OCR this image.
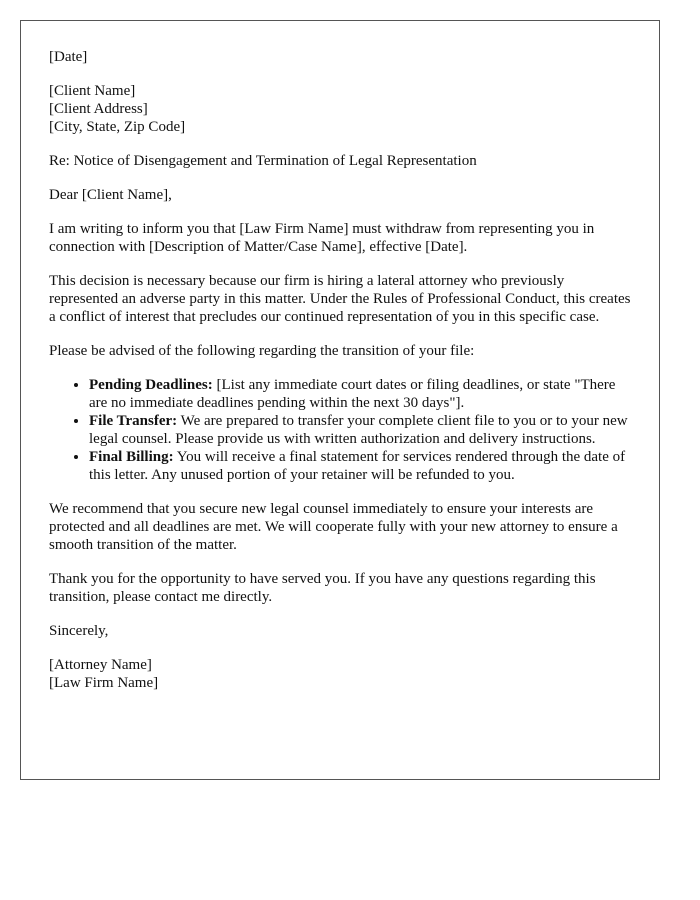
[Date]

[Client Name]
[Client Address]
[City, State, Zip Code]

Re: Notice of Disengagement and Termination of Legal Representation

Dear [Client Name],

I am writing to inform you that [Law Firm Name] must withdraw from representing you in connection with [Description of Matter/Case Name], effective [Date].

This decision is necessary because our firm is hiring a lateral attorney who previously represented an adverse party in this matter. Under the Rules of Professional Conduct, this creates a conflict of interest that precludes our continued representation of you in this specific case.

Please be advised of the following regarding the transition of your file:

• Pending Deadlines: [List any immediate court dates or filing deadlines, or state "There are no immediate deadlines pending within the next 30 days"].
• File Transfer: We are prepared to transfer your complete client file to you or to your new legal counsel. Please provide us with written authorization and delivery instructions.
• Final Billing: You will receive a final statement for services rendered through the date of this letter. Any unused portion of your retainer will be refunded to you.

We recommend that you secure new legal counsel immediately to ensure your interests are protected and all deadlines are met. We will cooperate fully with your new attorney to ensure a smooth transition of the matter.

Thank you for the opportunity to have served you. If you have any questions regarding this transition, please contact me directly.

Sincerely,

[Attorney Name]
[Law Firm Name]
